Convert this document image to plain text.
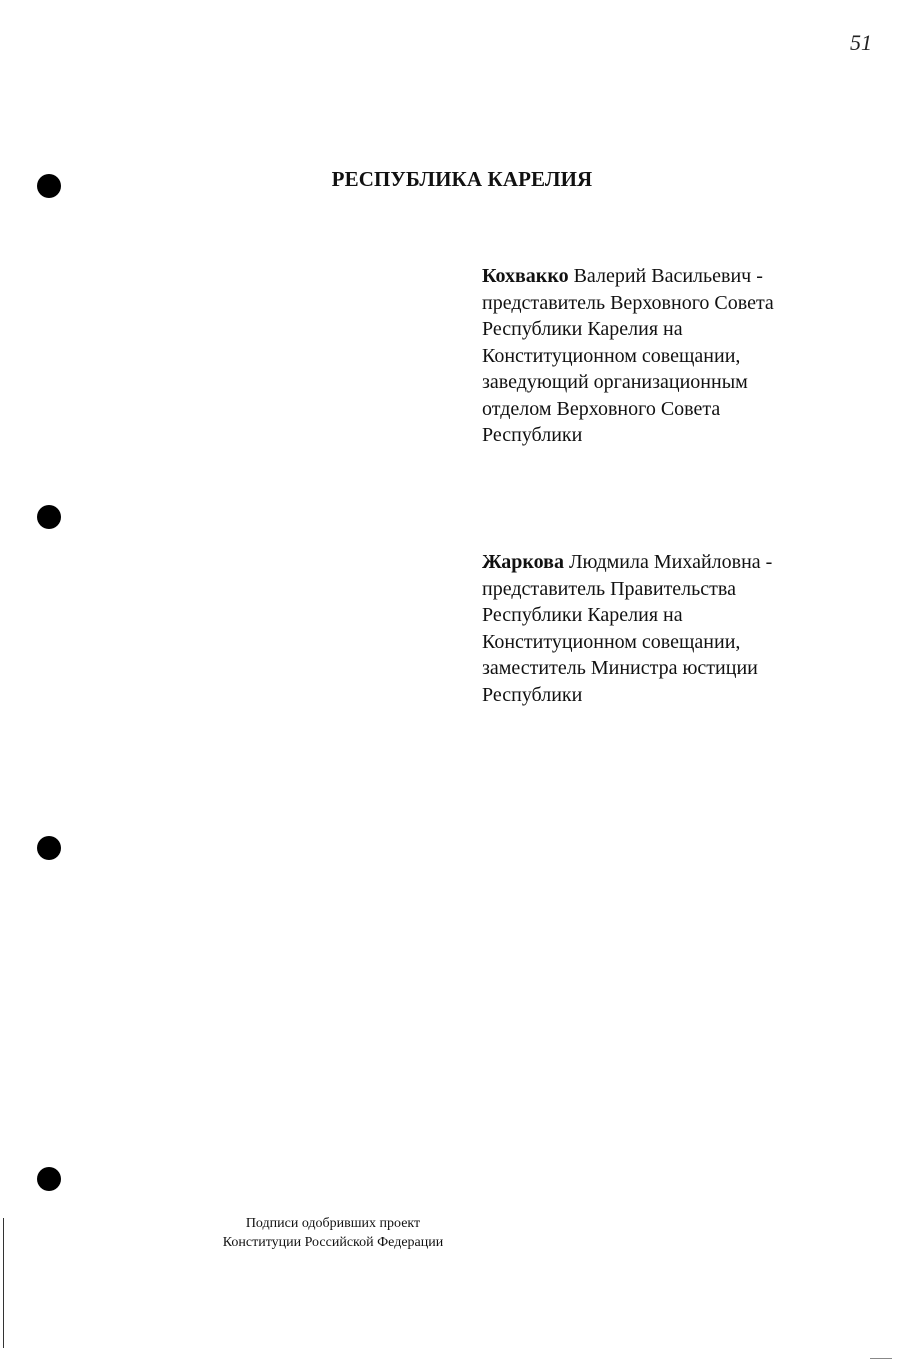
51
РЕСПУБЛИКА КАРЕЛИЯ
Кохвакко Валерий Васильевич -
представитель Верховного Совета
Республики Карелия на
Конституционном совещании,
заведующий организационным
отделом Верховного Совета
Республики
Жаркова Людмила Михайловна -
представитель Правительства
Республики Карелия на
Конституционном совещании,
заместитель Министра юстиции
Республики
Подписи одобривших проект
Конституции Российской Федерации
